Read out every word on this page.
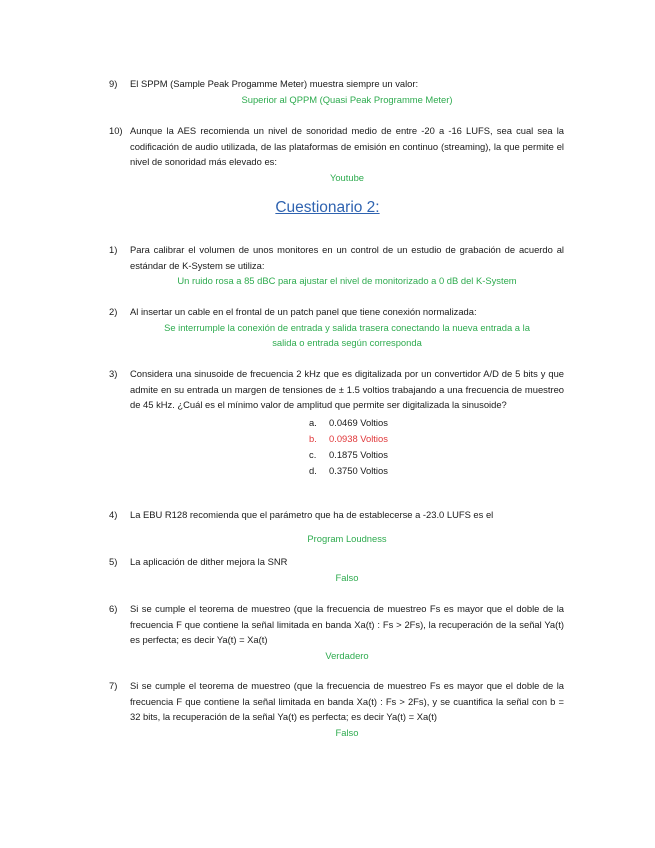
9)	El SPPM (Sample Peak Progamme Meter) muestra siempre un valor:
Superior al QPPM (Quasi Peak Programme Meter)
10) Aunque la AES recomienda un nivel de sonoridad medio de entre -20 a -16 LUFS, sea cual sea la codificación de audio utilizada, de las plataformas de emisión en continuo (streaming), la que permite el nivel de sonoridad más elevado es:
Youtube
Cuestionario 2:
1)	Para calibrar el volumen de unos monitores en un control de un estudio de grabación de acuerdo al estándar de K-System se utiliza:
Un ruido rosa a 85 dBC para ajustar el nivel de monitorizado a 0 dB del K-System
2)	Al insertar un cable en el frontal de un patch panel que tiene conexión normalizada:
Se interrumple la conexión de entrada y salida trasera conectando la nueva entrada a la
salida o entrada según corresponda
3)	Considera una sinusoide de frecuencia 2 kHz que es digitalizada por un convertidor A/D de 5 bits y que admite en su entrada un margen de tensiones de ± 1.5 voltios trabajando a una frecuencia de muestreo de 45 kHz. ¿Cuál es el mínimo valor de amplitud que permite ser digitalizada la sinusoide?
a.	0.0469 Voltios
b.	0.0938 Voltios
c.	0.1875 Voltios
d.	0.3750 Voltios
4)	La EBU R128 recomienda que el parámetro que ha de establecerse a -23.0 LUFS es el
Program Loudness
5)	La aplicación de dither mejora la SNR
Falso
6)	Si se cumple el teorema de muestreo (que la frecuencia de muestreo Fs es mayor que el doble de la frecuencia F que contiene la señal limitada en banda Xa(t) : Fs > 2Fs), la recuperación de la señal Ya(t) es perfecta; es decir Ya(t) = Xa(t)
Verdadero
7)	Si se cumple el teorema de muestreo (que la frecuencia de muestreo Fs es mayor que el doble de la frecuencia F que contiene la señal limitada en banda Xa(t) : Fs > 2Fs), y se cuantifica la señal con b = 32 bits, la recuperación de la señal Ya(t) es perfecta; es decir Ya(t) = Xa(t)
Falso
